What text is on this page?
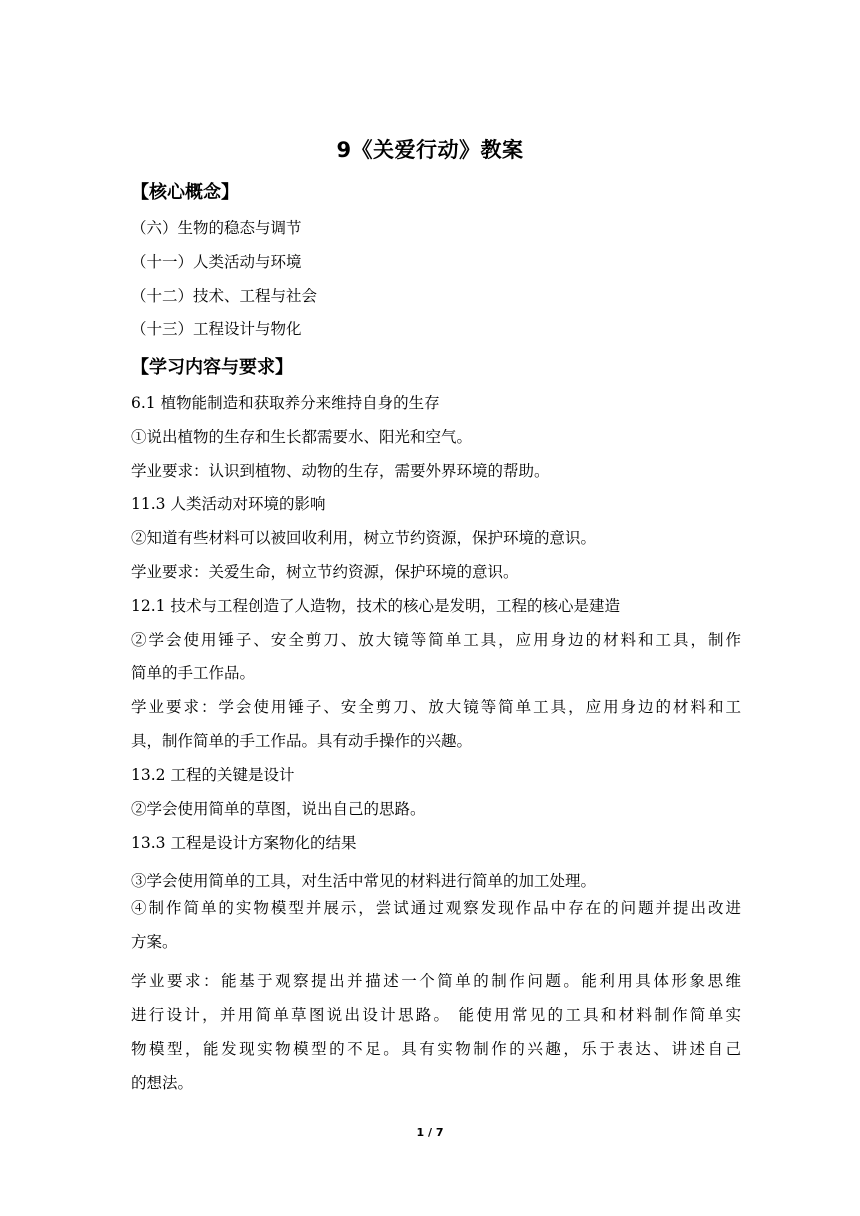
9《关爱行动》教案
【核心概念】
（六）生物的稳态与调节
（十一）人类活动与环境
（十二）技术、工程与社会
（十三）工程设计与物化
【学习内容与要求】
6.1 植物能制造和获取养分来维持自身的生存
①说出植物的生存和生长都需要水、阳光和空气。
学业要求：认识到植物、动物的生存，需要外界环境的帮助。
11.3 人类活动对环境的影响
②知道有些材料可以被回收利用，树立节约资源，保护环境的意识。
学业要求：关爱生命，树立节约资源，保护环境的意识。
12.1 技术与工程创造了人造物，技术的核心是发明，工程的核心是建造
②学会使用锤子、安全剪刀、放大镜等简单工具，应用身边的材料和工具，制作
简单的手工作品。
学业要求：学会使用锤子、安全剪刀、放大镜等简单工具，应用身边的材料和工
具，制作简单的手工作品。具有动手操作的兴趣。
13.2 工程的关键是设计
②学会使用简单的草图，说出自己的思路。
13.3 工程是设计方案物化的结果
③学会使用简单的工具，对生活中常见的材料进行简单的加工处理。
④制作简单的实物模型并展示，尝试通过观察发现作品中存在的问题并提出改进
方案。
学业要求：能基于观察提出并描述一个简单的制作问题。能利用具体形象思维
进行设计，并用简单草图说出设计思路。 能使用常见的工具和材料制作简单实
物模型，能发现实物模型的不足。具有实物制作的兴趣，乐于表达、讲述自己
的想法。
1 / 7
